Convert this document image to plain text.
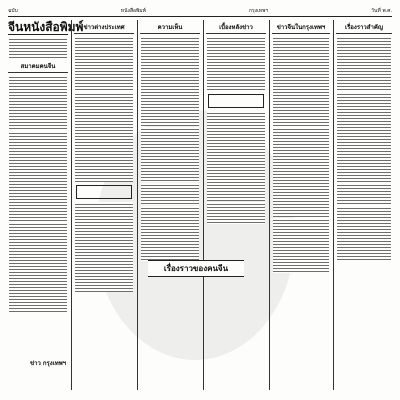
ฉบับ	หนังสือพิมพ์	กรุงเทพฯ	วันที่ พ.ศ.
จีนหนังสือพิมพ์
สมาคมคนจีน
ข่าวต่างประเทศ	ความเห็น	เบื้องหลังข่าว	ข่าวจีนในกรุงเทพฯ	เรื่องราวสำคัญ
เรื่องราวของคนจีน
ข่าว กรุงเทพฯ
